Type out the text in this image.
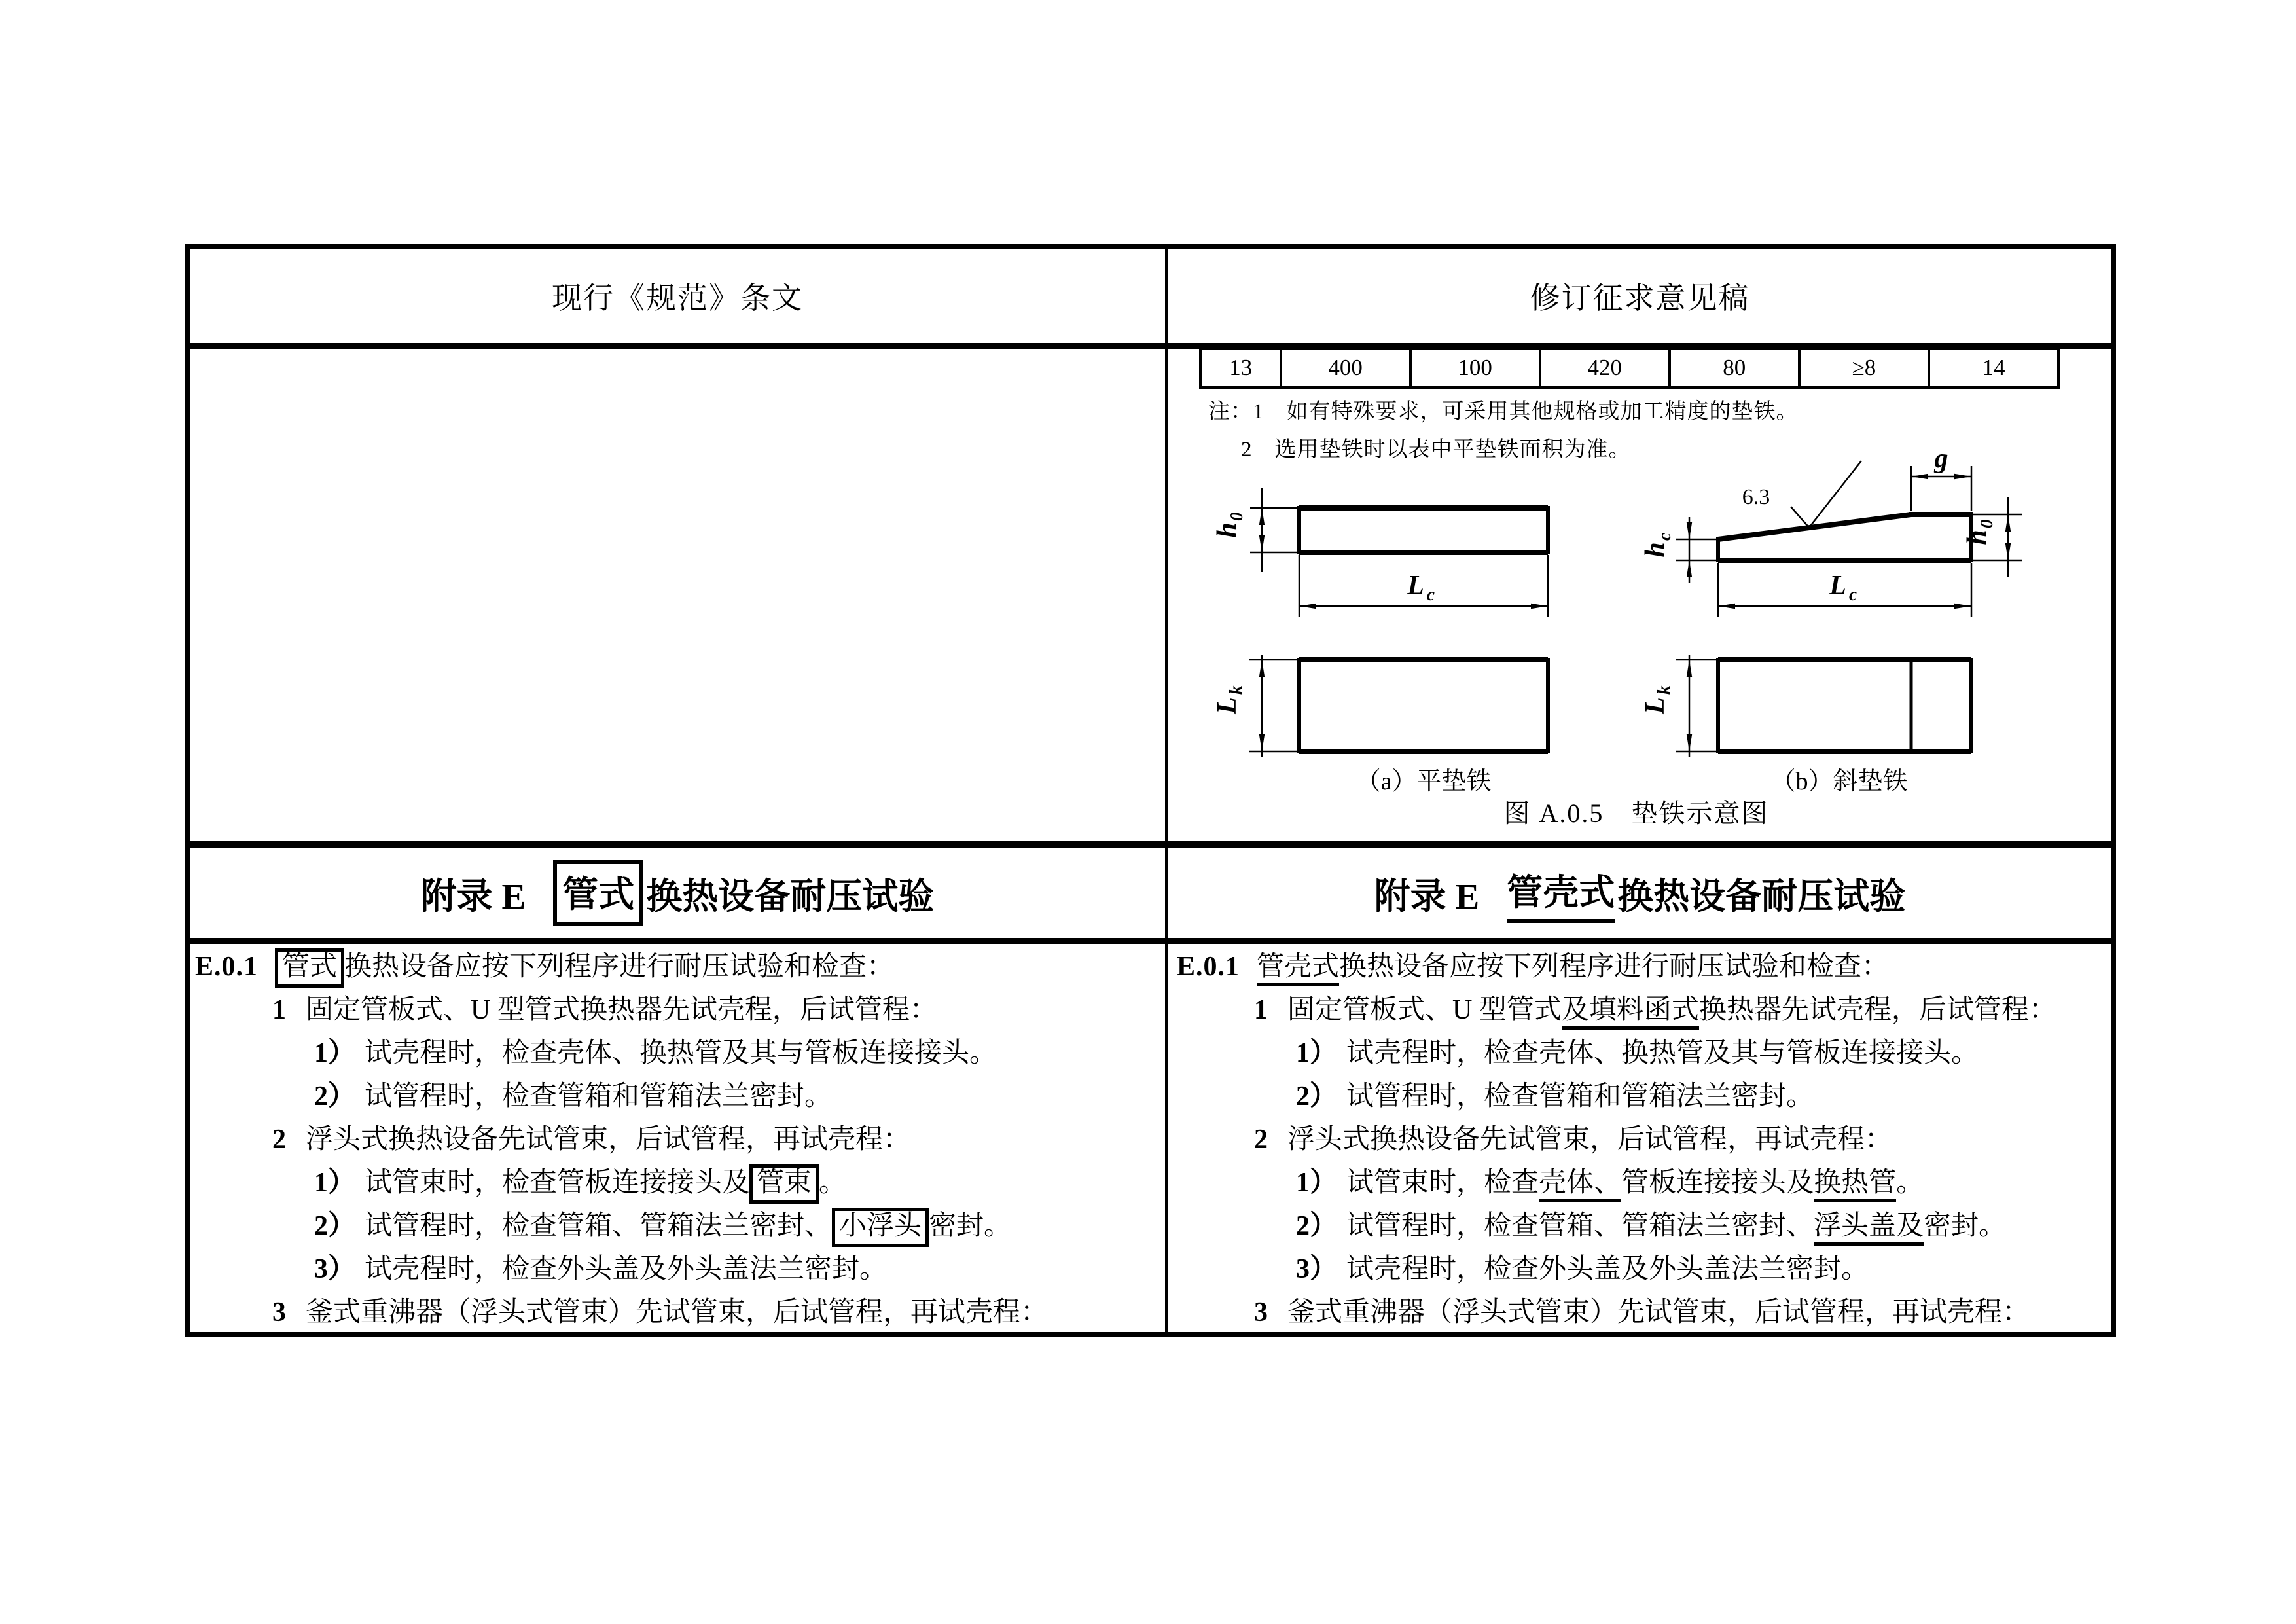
现行《规范》条文	修订征求意见稿
13	400	100	420	80	≥8	14
注：1　如有特殊要求，可采用其他规格或加工精度的垫铁。
2　选用垫铁时以表中平垫铁面积为准。
h
0
L c
6.3
g
h
c	h
0
L c
L
k
（a）平垫铁
L
k
（b）斜垫铁
图 A.0.5　垫铁示意图
附录 E 管式 换热设备耐压试验	附录 E 管壳式 换热设备耐压试验
E.0.1 管式 换热设备应按下列程序进行耐压试验和检查：
1 固定管板式、U 型管式换热器先试壳程，后试管程：
1） 试壳程时，检查壳体、换热管及其与管板连接接头。
2） 试管程时，检查管箱和管箱法兰密封。
2 浮头式换热设备先试管束，后试管程，再试壳程：
1） 试管束时，检查管板连接接头及 管束 。
2） 试管程时，检查管箱、管箱法兰密封、 小浮头 密封。
3） 试壳程时，检查外头盖及外头盖法兰密封。
3 釜式重沸器（浮头式管束）先试管束，后试管程，再试壳程：
E.0.1 管壳式换热设备应按下列程序进行耐压试验和检查：
1 固定管板式、U 型管式及填料函式换热器先试壳程，后试管程：
1） 试壳程时，检查壳体、换热管及其与管板连接接头。
2） 试管程时，检查管箱和管箱法兰密封。
2 浮头式换热设备先试管束，后试管程，再试壳程：
1） 试管束时，检查壳体、管板连接接头及换热管。
2） 试管程时，检查管箱、管箱法兰密封、浮头盖及密封。
3） 试壳程时，检查外头盖及外头盖法兰密封。
3 釜式重沸器（浮头式管束）先试管束，后试管程，再试壳程：
